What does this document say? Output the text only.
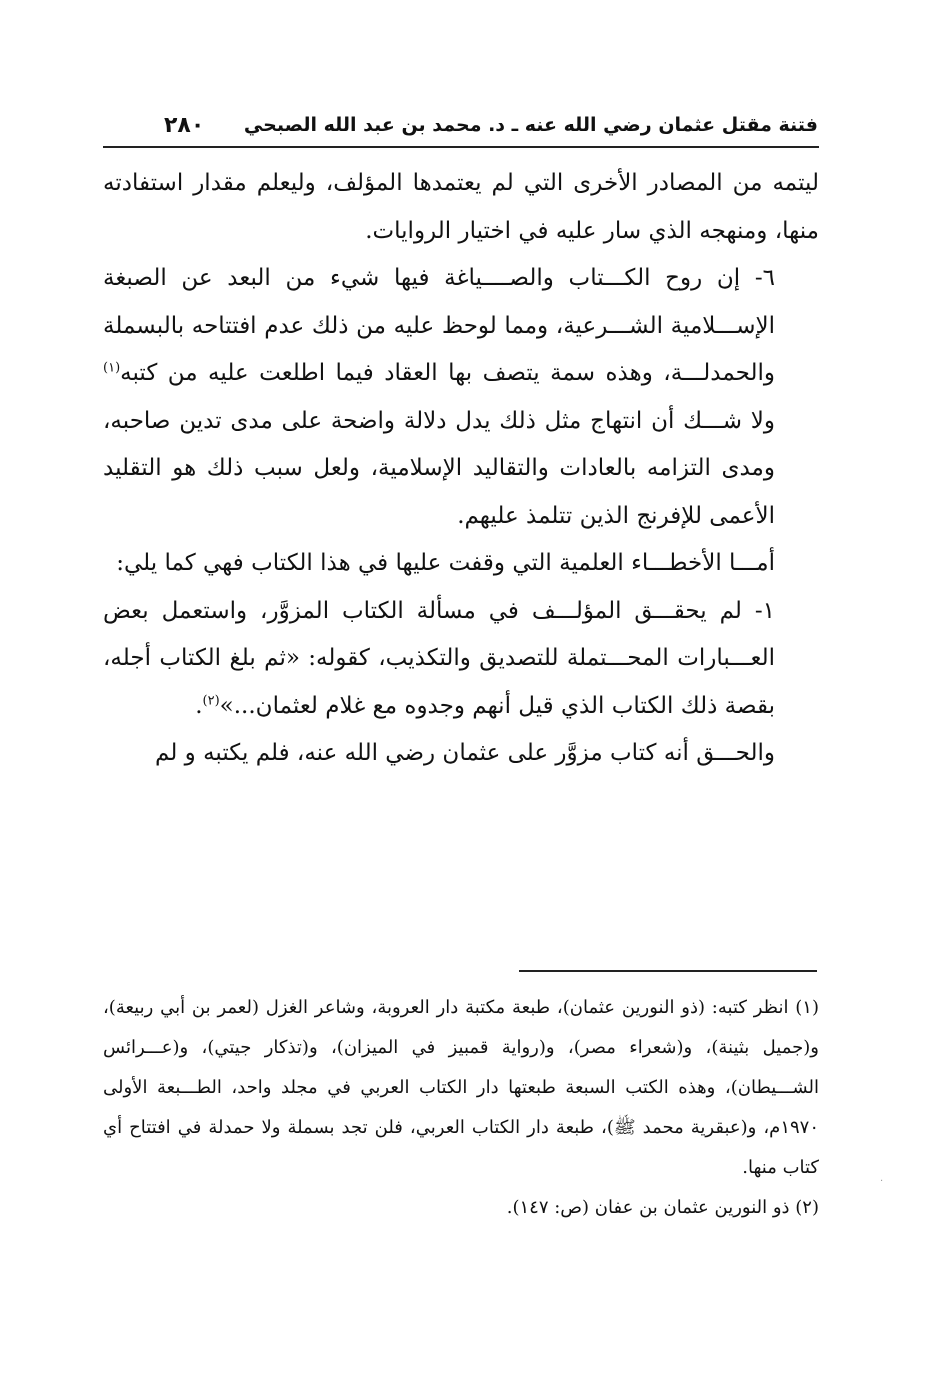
فتنة مقتل عثمان رضي الله عنه ـ د. محمد بن عبد الله الصبحي
٢٨٠

ليتمه من المصادر الأخرى التي لم يعتمدها المؤلف، وليعلم مقدار استفادته منها، ومنهجه الذي سار عليه في اختيار الروايات.

٦- إن روح الكـــتاب والصــــياغة فيها شيء من البعد عن الصبغة الإســـلامية الشـــرعية، ومما لوحظ عليه من ذلك عدم افتتاحه بالبسملة والحمدلـــة، وهذه سمة يتصف بها العقاد فيما اطلعت عليه من كتبه$^{(١)}$ ولا شـــك أن انتهاج مثل ذلك يدل دلالة واضحة على مدى تدين صاحبه، ومدى التزامه بالعادات والتقاليد الإسلامية، ولعل سبب ذلك هو التقليد الأعمى للإفرنج الذين تتلمذ عليهم.

أمـــا الأخطـــاء العلمية التي وقفت عليها في هذا الكتاب فهي كما يلي:

١- لم يحقـــق المؤلـــف في مسألة الكتاب المزوَّر، واستعمل بعض العـــبارات المحـــتملة للتصديق والتكذيب، كقوله: «ثم بلغ الكتاب أجله، بقصة ذلك الكتاب الذي قيل أنهم وجدوه مع غلام لعثمان...»$^{(٢)}$.

والحـــق أنه كتاب مزوَّر على عثمان رضي الله عنه، فلم يكتبه و لم

(١) انظر كتبه: (ذو النورين عثمان)، طبعة مكتبة دار العروبة، وشاعر الغزل (لعمر بن أبي ربيعة)، و(جميل بثينة)، و(شعراء مصر)، و(رواية قمبيز في الميزان)، و(تذكار جيتي)، و(عـــرائس الشـــيطان)، وهذه الكتب السبعة طبعتها دار الكتاب العربي في مجلد واحد، الطـــبعة الأولى ١٩٧٠م، و(عبقرية محمد ﷺ)، طبعة دار الكتاب العربي، فلن تجد بسملة ولا حمدلة في افتتاح أي كتاب منها.

(٢) ذو النورين عثمان بن عفان (ص: ١٤٧).

·
